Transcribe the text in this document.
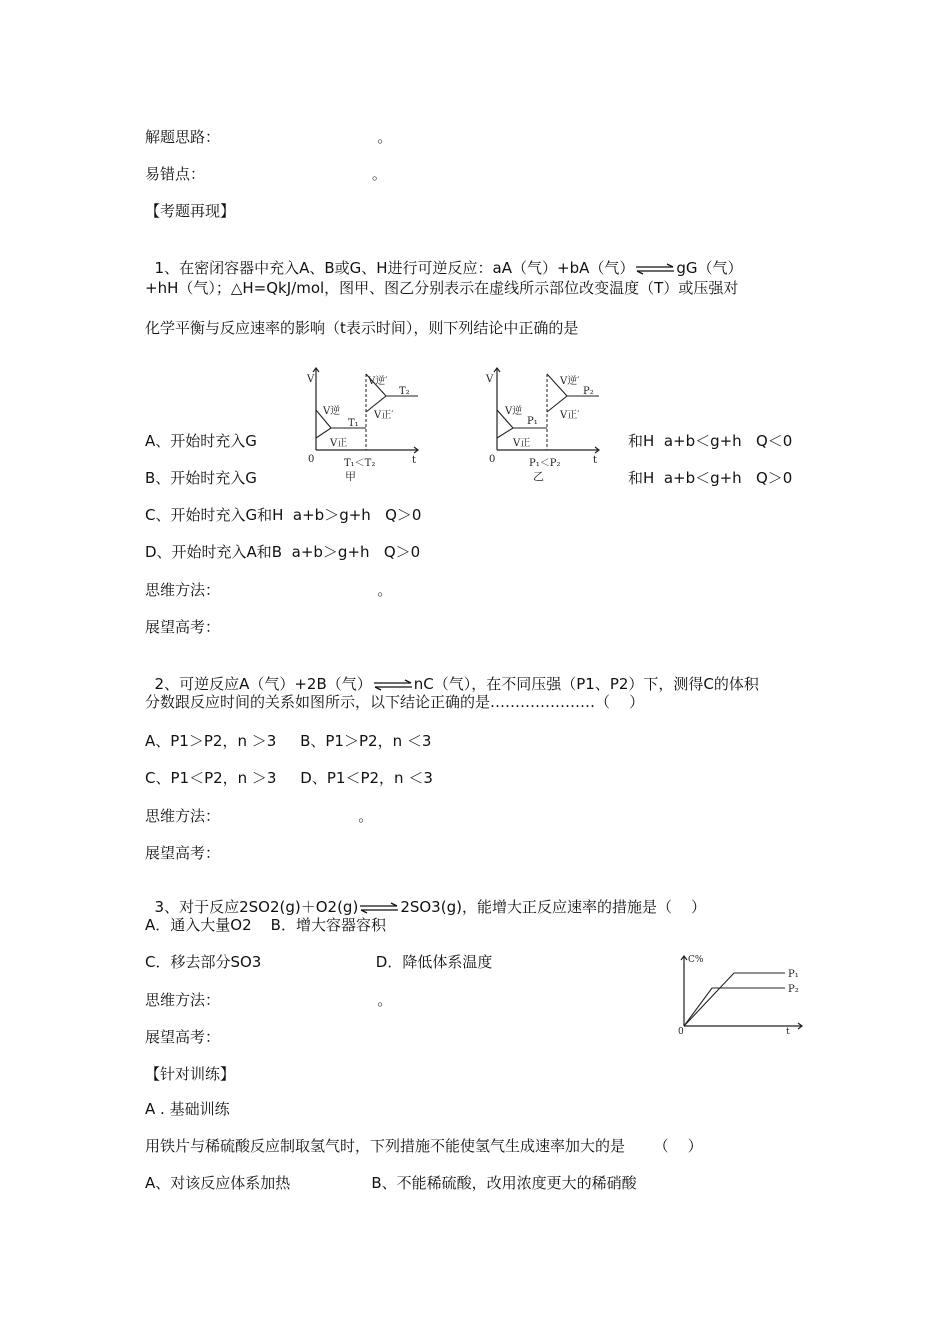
解题思路：                                 。
易错点：                                   。
【考题再现】

1、在密闭容器中充入A、B或G、H进行可逆反应：aA（气）+bA（气）⇌gG（气）

+hH（气）；△H=QkJ/mol，图甲、图乙分别表示在虚线所示部位改变温度（T）或压强对
化学平衡与反应速率的影响（t表示时间），则下列结论中正确的是
A、开始时充入G	和H  a+b＜g+h   Q＜0
B、开始时充入G	和H  a+b＜g+h   Q＞0
C、开始时充入G和H  a+b＞g+h   Q＞0
D、开始时充入A和B  a+b＞g+h   Q＞0
思维方法：                                 。
展望高考：

2、可逆反应A（气）+2B（气）⇌nC（气），在不同压强（P1、P2）下，测得C的体积

分数跟反应时间的关系如图所示，以下结论正确的是…………………（    ）
A、P1＞P2，n ＞3     B、P1＞P2，n ＜3
C、P1＜P2，n ＞3     D、P1＜P2，n ＜3
思维方法：                             。
展望高考：

3、对于反应2SO2(g)＋O2(g)⇌2SO3(g)，能增大正反应速率的措施是（    ）

A．通入大量O2    B．增大容器容积
C．移去部分SO3                        D．降低体系温度
思维方法：                                 。
展望高考：
【针对训练】
A . 基础训练
用铁片与稀硫酸反应制取氢气时，下列措施不能使氢气生成速率加大的是      （    ）
A、对该反应体系加热                 B、不能稀硫酸，改用浓度更大的稀硝酸
V
0	t
V逆
V正
V逆′
V正′
T₁
T₂
T₁＜T₂
甲
V
0	t
V逆
V正
V逆′
V正′
P₁
P₂
P₁＜P₂
乙
C%
0	t
P₁
P₂
